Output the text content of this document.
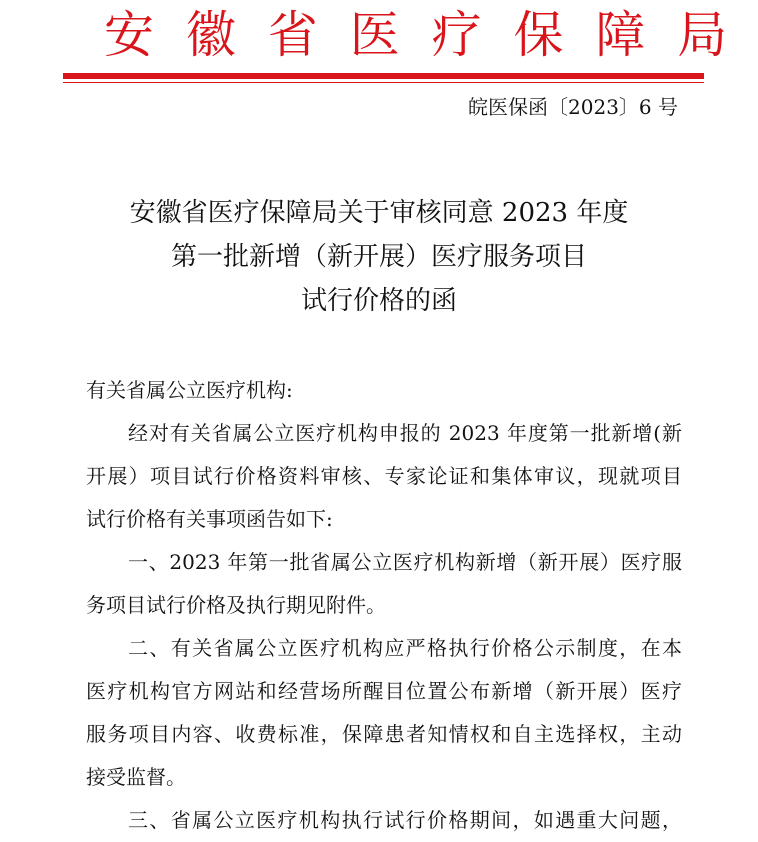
安 徽 省 医 疗 保 障 局
皖医保函〔2023〕6 号
安徽省医疗保障局关于审核同意 2023 年度
第一批新增（新开展）医疗服务项目
试行价格的函
有关省属公立医疗机构:
经对有关省属公立医疗机构申报的 2023 年度第一批新增(新
开展）项目试行价格资料审核、专家论证和集体审议，现就项目
试行价格有关事项函告如下:
一、2023 年第一批省属公立医疗机构新增（新开展）医疗服
务项目试行价格及执行期见附件。
二、有关省属公立医疗机构应严格执行价格公示制度，在本
医疗机构官方网站和经营场所醒目位置公布新增（新开展）医疗
服务项目内容、收费标准，保障患者知情权和自主选择权，主动
接受监督。
三、省属公立医疗机构执行试行价格期间，如遇重大问题，
